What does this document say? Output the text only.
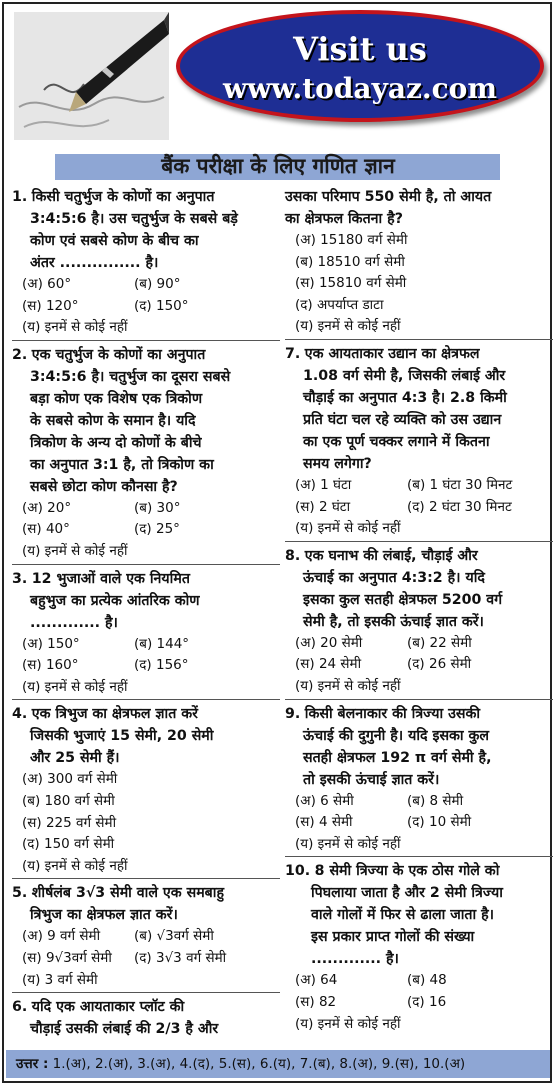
Visit us
www.todayaz.com
बैंक परीक्षा के लिए गणित ज्ञान
1. किसी चतुर्भुज के कोणों का अनुपात
3:4:5:6 है। उस चतुर्भुज के सबसे बड़े
कोण एवं सबसे कोण के बीच का
अंतर ............... है।
(अ) 60°	(ब) 90°
(स) 120°	(द) 150°
(य) इनमें से कोई नहीं
2. एक चतुर्भुज के कोणों का अनुपात
3:4:5:6 है। चतुर्भुज का दूसरा सबसे
बड़ा कोण एक विशेष एक त्रिकोण
के सबसे कोण के समान है। यदि
त्रिकोण के अन्य दो कोणों के बीचे
का अनुपात 3:1 है, तो त्रिकोण का
सबसे छोटा कोण कौनसा है?
(अ) 20°	(ब) 30°
(स) 40°	(द) 25°
(य) इनमें से कोई नहीं
3. 12 भुजाओं वाले एक नियमित
बहुभुज का प्रत्येक आंतरिक कोण
............. है।
(अ) 150°	(ब) 144°
(स) 160°	(द) 156°
(य) इनमें से कोई नहीं
4. एक त्रिभुज का क्षेत्रफल ज्ञात करें
जिसकी भुजाएं 15 सेमी, 20 सेमी
और 25 सेमी हैं।
(अ) 300 वर्ग सेमी
(ब) 180 वर्ग सेमी
(स) 225 वर्ग सेमी
(द) 150 वर्ग सेमी
(य) इनमें से कोई नहीं
5. शीर्षलंब 3√3 सेमी वाले एक समबाहु
त्रिभुज का क्षेत्रफल ज्ञात करें।
(अ) 9 वर्ग सेमी	(ब) √3वर्ग सेमी
(स) 9√3वर्ग सेमी	(द) 3√3 वर्ग सेमी
(य) 3 वर्ग सेमी
6. यदि एक आयताकार प्लॉट की
चौड़ाई उसकी लंबाई की 2/3 है और
उसका परिमाप 550 सेमी है, तो आयत
का क्षेत्रफल कितना है?
(अ) 15180 वर्ग सेमी
(ब) 18510 वर्ग सेमी
(स) 15810 वर्ग सेमी
(द) अपर्याप्त डाटा
(य) इनमें से कोई नहीं
7. एक आयताकार उद्यान का क्षेत्रफल
1.08 वर्ग सेमी है, जिसकी लंबाई और
चौड़ाई का अनुपात 4:3 है। 2.8 किमी
प्रति घंटा चल रहे व्यक्ति को उस उद्यान
का एक पूर्ण चक्कर लगाने में कितना
समय लगेगा?
(अ) 1 घंटा	(ब) 1 घंटा 30 मिनट
(स) 2 घंटा	(द) 2 घंटा 30 मिनट
(य) इनमें से कोई नहीं
8. एक घनाभ की लंबाई, चौड़ाई और
ऊंचाई का अनुपात 4:3:2 है। यदि
इसका कुल सतही क्षेत्रफल 5200 वर्ग
सेमी है, तो इसकी ऊंचाई ज्ञात करें।
(अ) 20 सेमी	(ब) 22 सेमी
(स) 24 सेमी	(द) 26 सेमी
(य) इनमें से कोई नहीं
9. किसी बेलनाकार की त्रिज्या उसकी
ऊंचाई की दुगुनी है। यदि इसका कुल
सतही क्षेत्रफल 192 π वर्ग सेमी है,
तो इसकी ऊंचाई ज्ञात करें।
(अ) 6 सेमी	(ब) 8 सेमी
(स) 4 सेमी	(द) 10 सेमी
(य) इनमें से कोई नहीं
10. 8 सेमी त्रिज्या के एक ठोस गोले को
पिघलाया जाता है और 2 सेमी त्रिज्या
वाले गोलों में फिर से ढाला जाता है।
इस प्रकार प्राप्त गोलों की संख्या
............. है।
(अ) 64	(ब) 48
(स) 82	(द) 16
(य) इनमें से कोई नहीं
उत्तर : 1.(अ), 2.(अ), 3.(अ), 4.(द), 5.(स), 6.(य), 7.(ब), 8.(अ), 9.(स), 10.(अ)
